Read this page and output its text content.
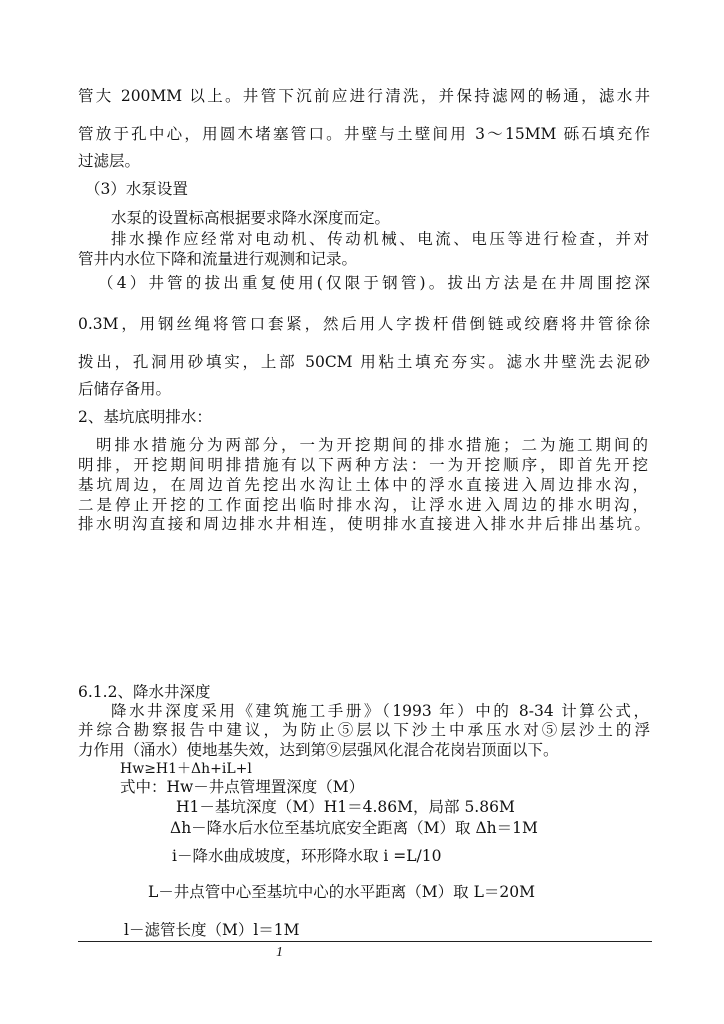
管大 200MM 以上。井管下沉前应进行清洗，并保持滤网的畅通，滤水井
管放于孔中心，用圆木堵塞管口。井壁与土壁间用 3～15MM 砾石填充作
过滤层。
（3）水泵设置
水泵的设置标高根据要求降水深度而定。
排水操作应经常对电动机、传动机械、电流、电压等进行检查，并对
管井内水位下降和流量进行观测和记录。
（4）井管的拔出重复使用(仅限于钢管)。拔出方法是在井周围挖深
0.3M，用钢丝绳将管口套紧，然后用人字拨杆借倒链或绞磨将井管徐徐
拨出，孔洞用砂填实，上部 50CM 用粘土填充夯实。滤水井壁洗去泥砂
后储存备用。
2、基坑底明排水：
明排水措施分为两部分，一为开挖期间的排水措施；二为施工期间的
明排，开挖期间明排措施有以下两种方法：一为开挖顺序，即首先开挖
基坑周边，在周边首先挖出水沟让土体中的浮水直接进入周边排水沟，
二是停止开挖的工作面挖出临时排水沟，让浮水进入周边的排水明沟，
排水明沟直接和周边排水井相连，使明排水直接进入排水井后排出基坑。
6.1.2、降水井深度
降水井深度采用《建筑施工手册》（1993 年）中的 8-34 计算公式，
并综合勘察报告中建议，为防止⑤层以下沙土中承压水对⑤层沙土的浮
力作用（涌水）使地基失效，达到第⑨层强风化混合花岗岩顶面以下。
Hw≥H1＋Δh+iL+l
式中：Hw－井点管埋置深度（M）
H1－基坑深度（M）H1＝4.86M，局部 5.86M
Δh－降水后水位至基坑底安全距离（M）取 Δh＝1M
i－降水曲成坡度，环形降水取 i =L/10
L－井点管中心至基坑中心的水平距离（M）取 L＝20M
l－滤管长度（M）l＝1M
1
